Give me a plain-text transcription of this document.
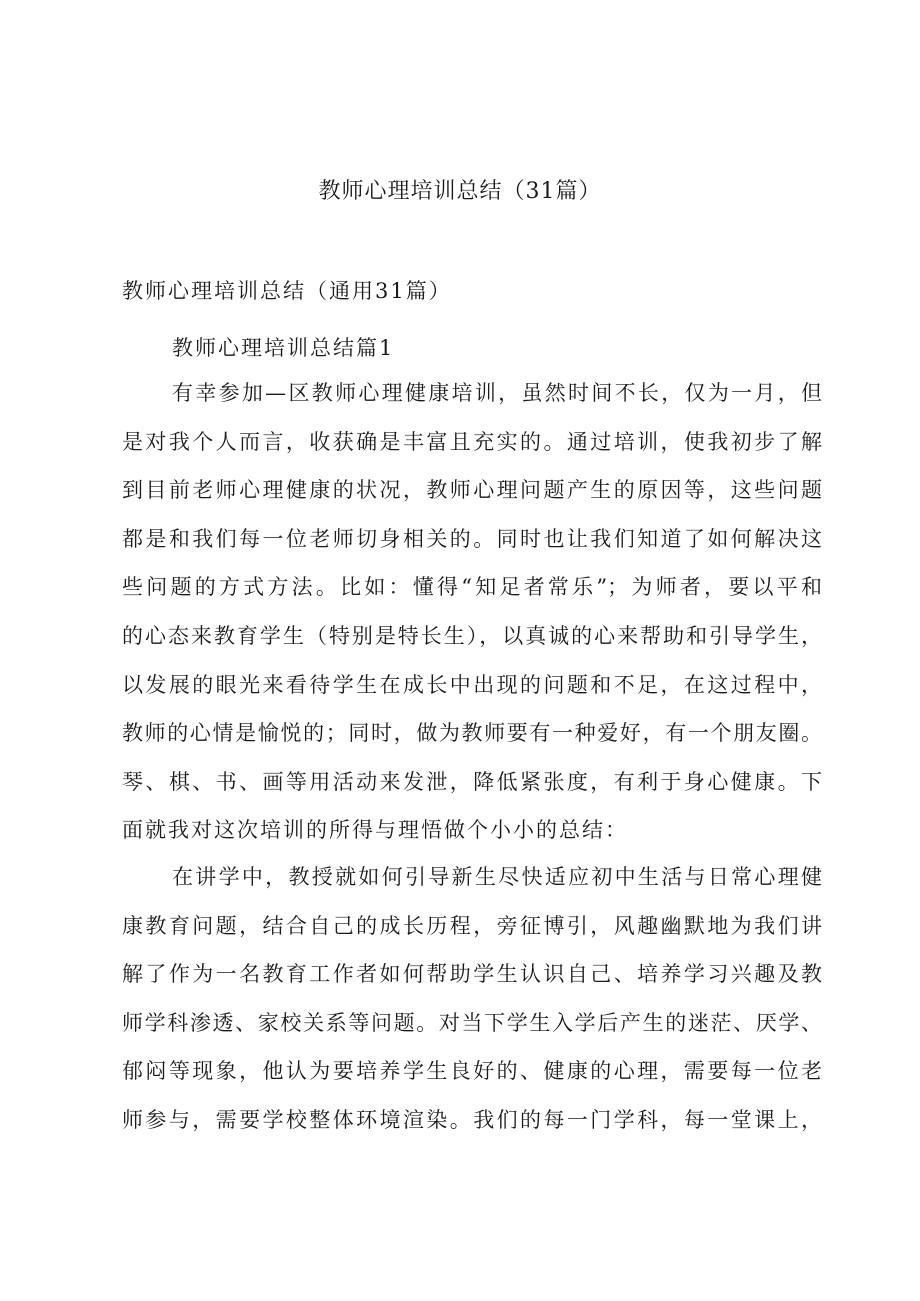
教师心理培训总结（31篇）
教师心理培训总结（通用31篇）
教师心理培训总结篇1
有幸参加—区教师心理健康培训，虽然时间不长，仅为一月，但
是对我个人而言，收获确是丰富且充实的。通过培训，使我初步了解
到目前老师心理健康的状况，教师心理问题产生的原因等，这些问题
都是和我们每一位老师切身相关的。同时也让我们知道了如何解决这
些问题的方式方法。比如：懂得“知足者常乐”；为师者，要以平和
的心态来教育学生（特别是特长生），以真诚的心来帮助和引导学生，
以发展的眼光来看待学生在成长中出现的问题和不足，在这过程中，
教师的心情是愉悦的；同时，做为教师要有一种爱好，有一个朋友圈。
琴、棋、书、画等用活动来发泄，降低紧张度，有利于身心健康。下
面就我对这次培训的所得与理悟做个小小的总结：
在讲学中，教授就如何引导新生尽快适应初中生活与日常心理健
康教育问题，结合自己的成长历程，旁征博引，风趣幽默地为我们讲
解了作为一名教育工作者如何帮助学生认识自己、培养学习兴趣及教
师学科渗透、家校关系等问题。对当下学生入学后产生的迷茫、厌学、
郁闷等现象，他认为要培养学生良好的、健康的心理，需要每一位老
师参与，需要学校整体环境渲染。我们的每一门学科，每一堂课上，
